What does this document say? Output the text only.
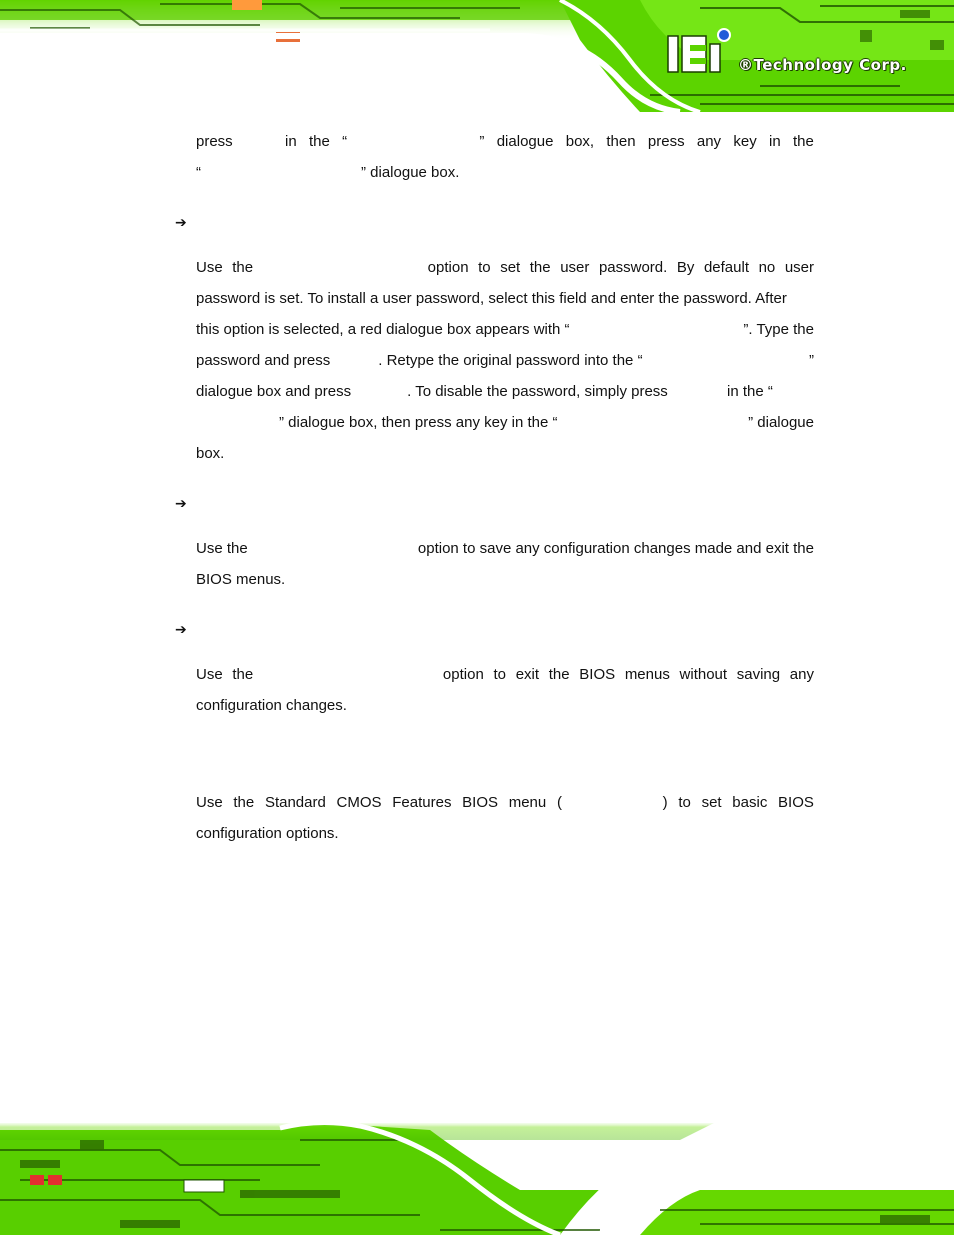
®Technology Corp.
press	in the “	” dialogue box, then press any key in the
“	” dialogue box.
➔
Use the	option to set the user password. By default no user
password is set. To install a user password, select this field and enter the password. After
this option is selected, a red dialogue box appears with “	”. Type the
password and press	. Retype the original password into the “	”
dialogue box and press	. To disable the password, simply press	in the “
” dialogue box, then press any key in the “	” dialogue
box.
➔
Use the	option to save any configuration changes made and exit the
BIOS menus.
➔
Use the	option to exit the BIOS menus without saving any
configuration changes.
Use the Standard CMOS Features BIOS menu (	) to set basic BIOS
configuration options.
